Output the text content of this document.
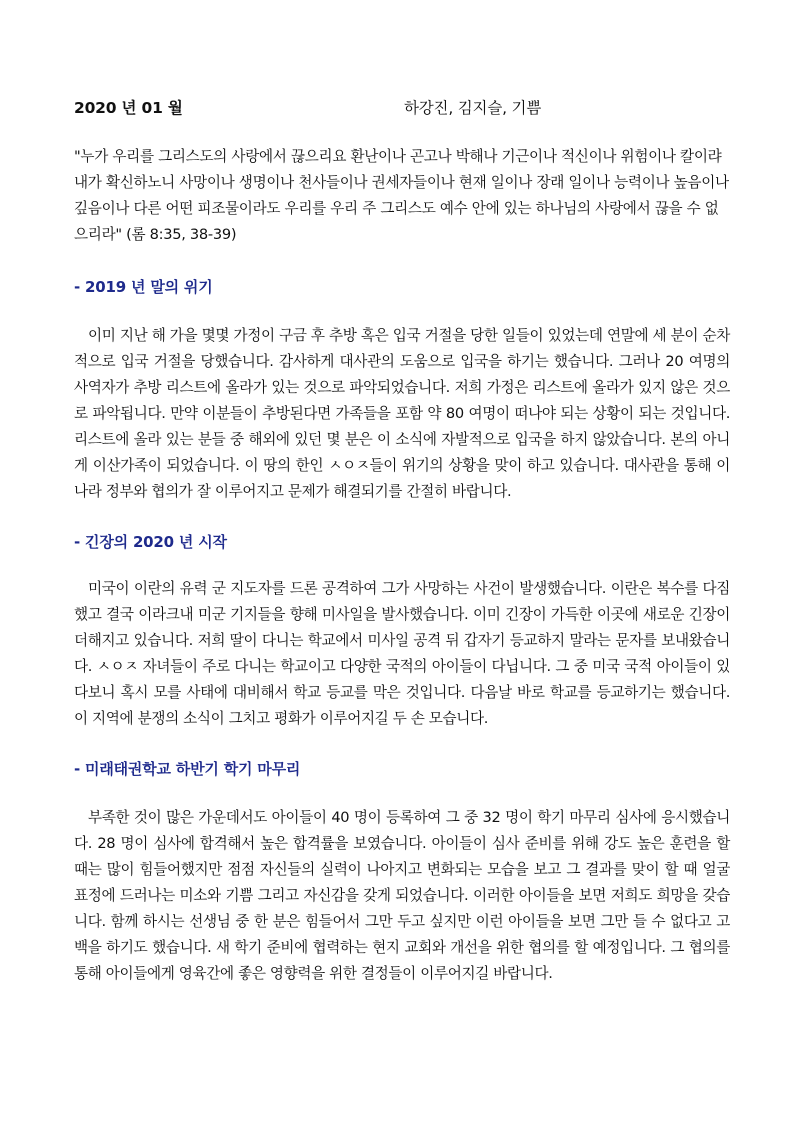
2020 년 01 월	하강진, 김지슬, 기쁨

"누가 우리를 그리스도의 사랑에서 끊으리요 환난이나 곤고나 박해나 기근이나 적신이나 위험이나 칼이랴 내가 확신하노니 사망이나 생명이나 천사들이나 권세자들이나 현재 일이나 장래 일이나 능력이나 높음이나 깊음이나 다른 어떤 피조물이라도 우리를 우리 주 그리스도 예수 안에 있는 하나님의 사랑에서 끊을 수 없으리라" (롬 8:35, 38-39)

- 2019 년 말의 위기

이미 지난 해 가을 몇몇 가정이 구금 후 추방 혹은 입국 거절을 당한 일들이 있었는데 연말에 세 분이 순차적으로 입국 거절을 당했습니다. 감사하게 대사관의 도움으로 입국을 하기는 했습니다. 그러나 20 여명의 사역자가 추방 리스트에 올라가 있는 것으로 파악되었습니다. 저희 가정은 리스트에 올라가 있지 않은 것으로 파악됩니다. 만약 이분들이 추방된다면 가족들을 포함 약 80 여명이 떠나야 되는 상황이 되는 것입니다. 리스트에 올라 있는 분들 중 해외에 있던 몇 분은 이 소식에 자발적으로 입국을 하지 않았습니다. 본의 아니게 이산가족이 되었습니다. 이 땅의 한인 ㅅㅇㅈ들이 위기의 상황을 맞이 하고 있습니다. 대사관을 통해 이 나라 정부와 협의가 잘 이루어지고 문제가 해결되기를 간절히 바랍니다.

- 긴장의 2020 년 시작

미국이 이란의 유력 군 지도자를 드론 공격하여 그가 사망하는 사건이 발생했습니다. 이란은 복수를 다짐했고 결국 이라크내 미군 기지들을 향해 미사일을 발사했습니다. 이미 긴장이 가득한 이곳에 새로운 긴장이 더해지고 있습니다. 저희 딸이 다니는 학교에서 미사일 공격 뒤 갑자기 등교하지 말라는 문자를 보내왔습니다. ㅅㅇㅈ 자녀들이 주로 다니는 학교이고 다양한 국적의 아이들이 다닙니다. 그 중 미국 국적 아이들이 있다보니 혹시 모를 사태에 대비해서 학교 등교를 막은 것입니다. 다음날 바로 학교를 등교하기는 했습니다. 이 지역에 분쟁의 소식이 그치고 평화가 이루어지길 두 손 모습니다.

- 미래태권학교 하반기 학기 마무리

부족한 것이 많은 가운데서도 아이들이 40 명이 등록하여 그 중 32 명이 학기 마무리 심사에 응시했습니다. 28 명이 심사에 합격해서 높은 합격률을 보였습니다. 아이들이 심사 준비를 위해 강도 높은 훈련을 할 때는 많이 힘들어했지만 점점 자신들의 실력이 나아지고 변화되는 모습을 보고 그 결과를 맞이 할 때 얼굴 표정에 드러나는 미소와 기쁨 그리고 자신감을 갖게 되었습니다. 이러한 아이들을 보면 저희도 희망을 갖습니다. 함께 하시는 선생님 중 한 분은 힘들어서 그만 두고 싶지만 이런 아이들을 보면 그만 들 수 없다고 고백을 하기도 했습니다. 새 학기 준비에 협력하는 현지 교회와 개선을 위한 협의를 할 예정입니다. 그 협의를 통해 아이들에게 영육간에 좋은 영향력을 위한 결정들이 이루어지길 바랍니다.
